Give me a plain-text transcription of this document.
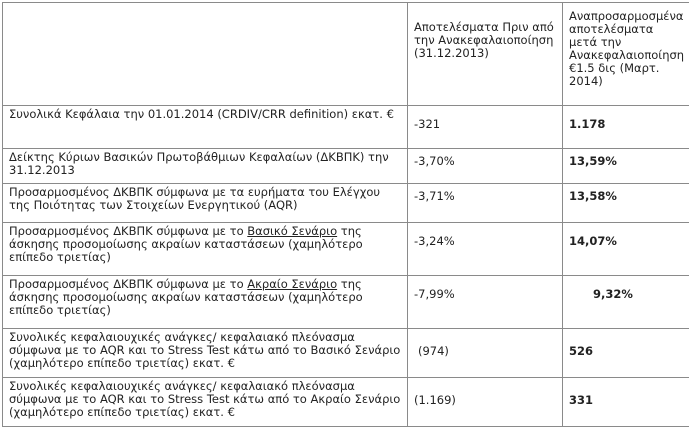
	Αποτελέσματα Πριν από την Ανακεφαλαιοποίηση (31.12.2013)	Αναπροσαρμοσμένα αποτελέσματα μετά την Ανακεφαλαιοποίηση €1.5 δις (Μαρτ. 2014)

Συνολικά Κεφάλαια την 01.01.2014 (CRDIV/CRR definition) εκατ. €	-321	1.178

Δείκτης Κύριων Βασικών Πρωτοβάθμιων Κεφαλαίων (ΔΚΒΠΚ) την 31.12.2013	-3,70%	13,59%

Προσαρμοσμένος ΔΚΒΠΚ σύμφωνα με τα ευρήματα του Ελέγχου της Ποιότητας των Στοιχείων Ενεργητικού (AQR)	-3,71%	13,58%

Προσαρμοσμένος ΔΚΒΠΚ σύμφωνα με το Βασικό Σενάριο της άσκησης προσομοίωσης ακραίων καταστάσεων (χαμηλότερο επίπεδο τριετίας)	-3,24%	14,07%

Προσαρμοσμένος ΔΚΒΠΚ σύμφωνα με το Ακραίο Σενάριο της άσκησης προσομοίωσης ακραίων καταστάσεων (χαμηλότερο επίπεδο τριετίας)	-7,99%	9,32%

Συνολικές κεφαλαιουχικές ανάγκες/ κεφαλαιακό πλεόνασμα σύμφωνα με το AQR και το Stress Test κάτω από το Βασικό Σενάριο (χαμηλότερο επίπεδο τριετίας) εκατ. €	(974)	526

Συνολικές κεφαλαιουχικές ανάγκες/ κεφαλαιακό πλεόνασμα σύμφωνα με το AQR και το Stress Test κάτω από το Ακραίο Σενάριο (χαμηλότερο επίπεδο τριετίας) εκατ. €	(1.169)	331
